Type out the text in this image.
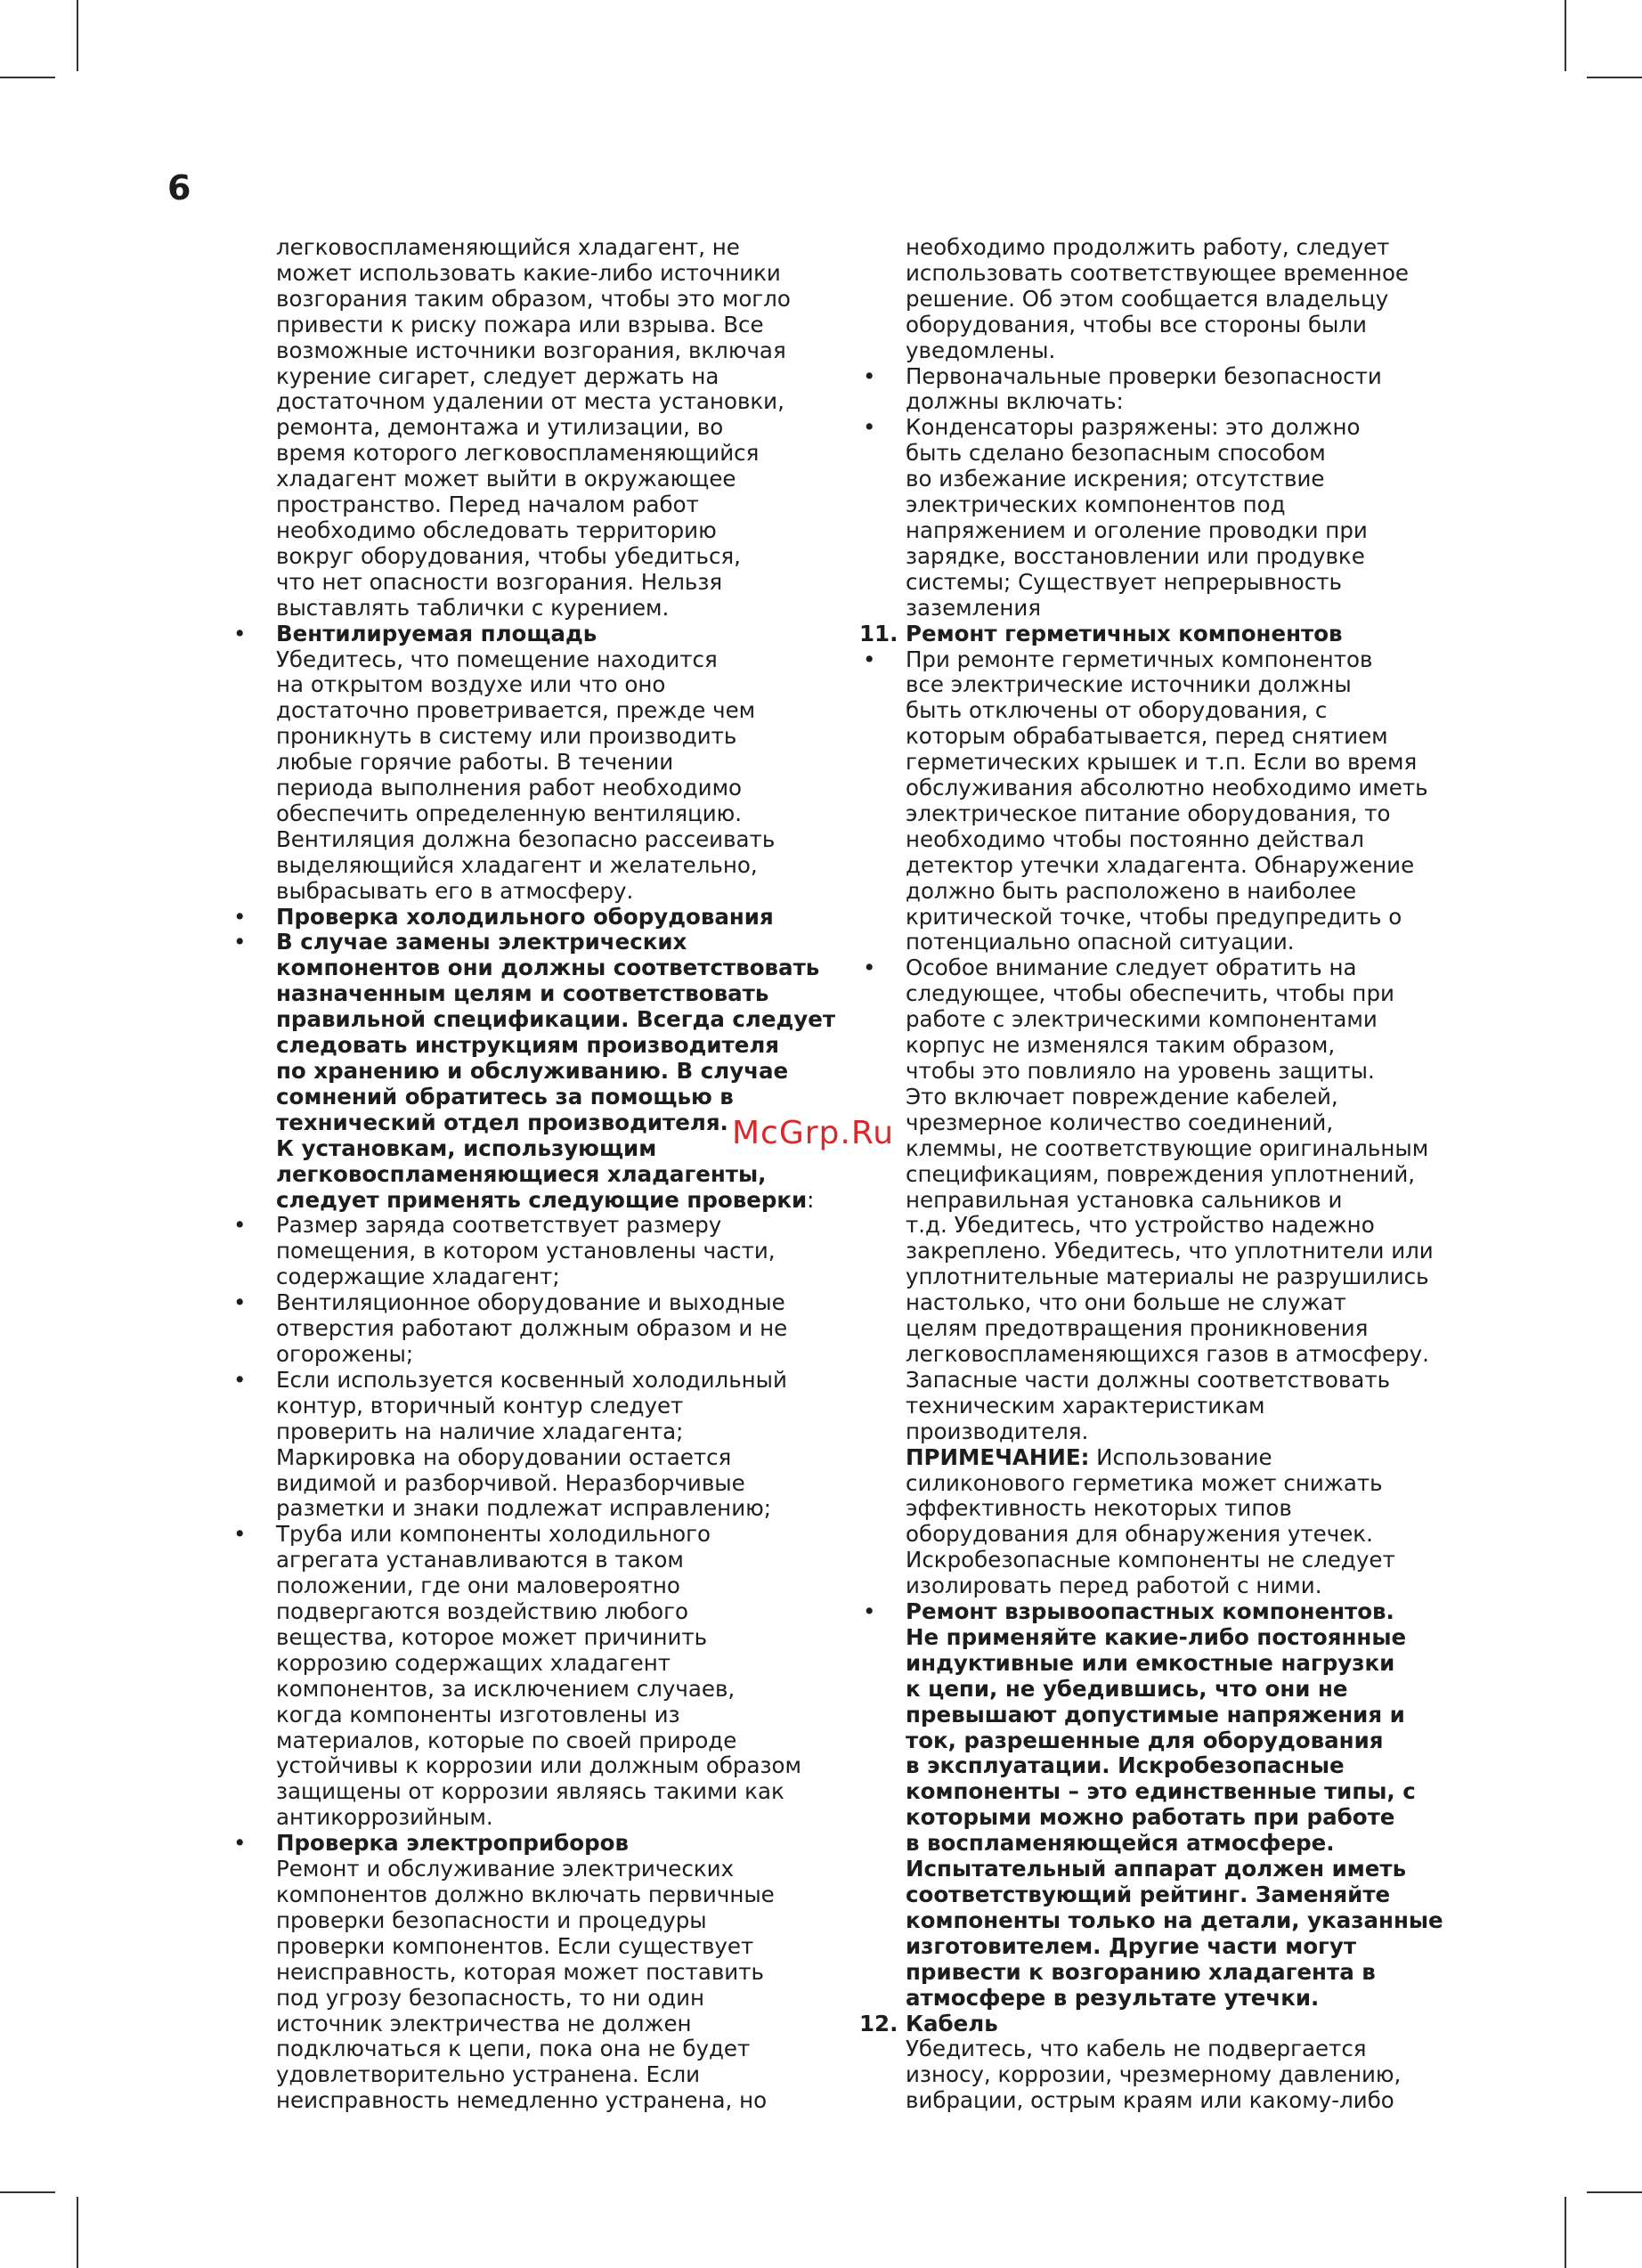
6
McGrp.Ru
легковоспламеняющийся хладагент, не
может использовать какие-либо источники
возгорания таким образом, чтобы это могло
привести к риску пожара или взрыва. Все
возможные источники возгорания, включая
курение сигарет, следует держать на
достаточном удалении от места установки,
ремонта, демонтажа и утилизации, во
время которого легковоспламеняющийся
хладагент может выйти в окружающее
пространство. Перед началом работ
необходимо обследовать территорию
вокруг оборудования, чтобы убедиться,
что нет опасности возгорания. Нельзя
выставлять таблички с курением.
• Вентилируемая площадь
Убедитесь, что помещение находится
на открытом воздухе или что оно
достаточно проветривается, прежде чем
проникнуть в систему или производить
любые горячие работы. В течении
периода выполнения работ необходимо
обеспечить определенную вентиляцию.
Вентиляция должна безопасно рассеивать
выделяющийся хладагент и желательно,
выбрасывать его в атмосферу.
• Проверка холодильного оборудования
• В случае замены электрических
компонентов они должны соответствовать
назначенным целям и соответствовать
правильной спецификации. Всегда следует
следовать инструкциям производителя
по хранению и обслуживанию. В случае
сомнений обратитесь за помощью в
технический отдел производителя.
К установкам, использующим
легковоспламеняющиеся хладагенты,
следует применять следующие проверки:
• Размер заряда соответствует размеру
помещения, в котором установлены части,
содержащие хладагент;
• Вентиляционное оборудование и выходные
отверстия работают должным образом и не
огорожены;
• Если используется косвенный холодильный
контур, вторичный контур следует
проверить на наличие хладагента;
Маркировка на оборудовании остается
видимой и разборчивой. Неразборчивые
разметки и знаки подлежат исправлению;
• Труба или компоненты холодильного
агрегата устанавливаются в таком
положении, где они маловероятно
подвергаются воздействию любого
вещества, которое может причинить
коррозию содержащих хладагент
компонентов, за исключением случаев,
когда компоненты изготовлены из
материалов, которые по своей природе
устойчивы к коррозии или должным образом
защищены от коррозии являясь такими как
антикоррозийным.
• Проверка электроприборов
Ремонт и обслуживание электрических
компонентов должно включать первичные
проверки безопасности и процедуры
проверки компонентов. Если существует
неисправность, которая может поставить
под угрозу безопасность, то ни один
источник электричества не должен
подключаться к цепи, пока она не будет
удовлетворительно устранена. Если
неисправность немедленно устранена, но
необходимо продолжить работу, следует
использовать соответствующее временное
решение. Об этом сообщается владельцу
оборудования, чтобы все стороны были
уведомлены.
• Первоначальные проверки безопасности
должны включать:
• Конденсаторы разряжены: это должно
быть сделано безопасным способом
во избежание искрения; отсутствие
электрических компонентов под
напряжением и оголение проводки при
зарядке, восстановлении или продувке
системы; Существует непрерывность
заземления
11. Ремонт герметичных компонентов
• При ремонте герметичных компонентов
все электрические источники должны
быть отключены от оборудования, с
которым обрабатывается, перед снятием
герметических крышек и т.п. Если во время
обслуживания абсолютно необходимо иметь
электрическое питание оборудования, то
необходимо чтобы постоянно действал
детектор утечки хладагента. Обнаружение
должно быть расположено в наиболее
критической точке, чтобы предупредить о
потенциально опасной ситуации.
• Особое внимание следует обратить на
следующее, чтобы обеспечить, чтобы при
работе с электрическими компонентами
корпус не изменялся таким образом,
чтобы это повлияло на уровень защиты.
Это включает повреждение кабелей,
чрезмерное количество соединений,
клеммы, не соответствующие оригинальным
спецификациям, повреждения уплотнений,
неправильная установка сальников и
т.д. Убедитесь, что устройство надежно
закреплено. Убедитесь, что уплотнители или
уплотнительные материалы не разрушились
настолько, что они больше не служат
целям предотвращения проникновения
легковоспламеняющихся газов в атмосферу.
Запасные части должны соответствовать
техническим характеристикам
производителя.
ПРИМЕЧАНИЕ: Использование
силиконового герметика может снижать
эффективность некоторых типов
оборудования для обнаружения утечек.
Искробезопасные компоненты не следует
изолировать перед работой с ними.
• Ремонт взрывоопастных компонентов.
Не применяйте какие-либо постоянные
индуктивные или емкостные нагрузки
к цепи, не убедившись, что они не
превышают допустимые напряжения и
ток, разрешенные для оборудования
в эксплуатации. Искробезопасные
компоненты – это единственные типы, с
которыми можно работать при работе
в воспламеняющейся атмосфере.
Испытательный аппарат должен иметь
соответствующий рейтинг. Заменяйте
компоненты только на детали, указанные
изготовителем. Другие части могут
привести к возгоранию хладагента в
атмосфере в результате утечки.
12. Кабель
Убедитесь, что кабель не подвергается
износу, коррозии, чрезмерному давлению,
вибрации, острым краям или какому-либо
